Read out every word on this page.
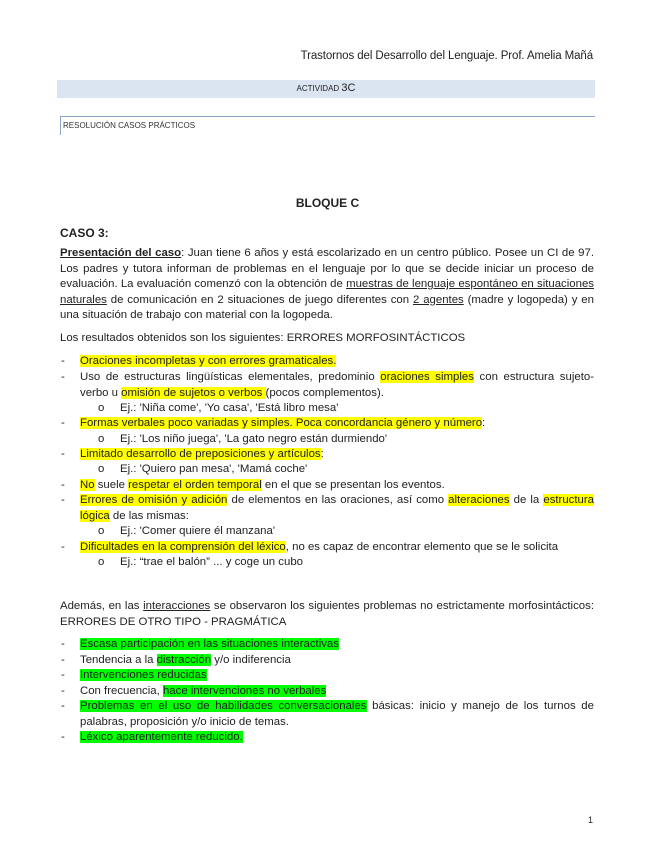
Trastornos del Desarrollo del Lenguaje. Prof. Amelia Mañá
ACTIVIDAD 3C
RESOLUCIÓN CASOS PRÁCTICOS
BLOQUE C
CASO 3:
Presentación del caso: Juan tiene 6 años y está escolarizado en un centro público. Posee un CI de 97. Los padres y tutora informan de problemas en el lenguaje por lo que se decide iniciar un proceso de evaluación. La evaluación comenzó con la obtención de muestras de lenguaje espontáneo en situaciones naturales de comunicación en 2 situaciones de juego diferentes con 2 agentes (madre y logopeda) y en una situación de trabajo con material con la logopeda.
Los resultados obtenidos son los siguientes: ERRORES MORFOSINTÁCTICOS
- Oraciones incompletas y con errores gramaticales.
- Uso de estructuras lingüísticas elementales, predominio oraciones simples con estructura sujeto-verbo u omisión de sujetos o verbos (pocos complementos).
o Ej.: 'Niña come', 'Yo casa', 'Está libro mesa'
- Formas verbales poco variadas y simples. Poca concordancia género y número:
o Ej.: 'Los niño juega', 'La gato negro están durmiendo'
- Limitado desarrollo de preposiciones y artículos:
o Ej.: 'Quiero pan mesa', 'Mamá coche'
- No suele respetar el orden temporal en el que se presentan los eventos.
- Errores de omisión y adición de elementos en las oraciones, así como alteraciones de la estructura lógica de las mismas:
o Ej.: 'Comer quiere él manzana'
- Dificultades en la comprensión del léxico, no es capaz de encontrar elemento que se le solicita
o Ej.: “trae el balón” ... y coge un cubo
Además, en las interacciones se observaron los siguientes problemas no estrictamente morfosintácticos: ERRORES DE OTRO TIPO - PRAGMÁTICA
- Escasa participación en las situaciones interactivas
- Tendencia a la distracción y/o indiferencia
- Intervenciones reducidas
- Con frecuencia, hace intervenciones no verbales
- Problemas en el uso de habilidades conversacionales básicas: inicio y manejo de los turnos de palabras, proposición y/o inicio de temas.
- Léxico aparentemente reducido.
1
